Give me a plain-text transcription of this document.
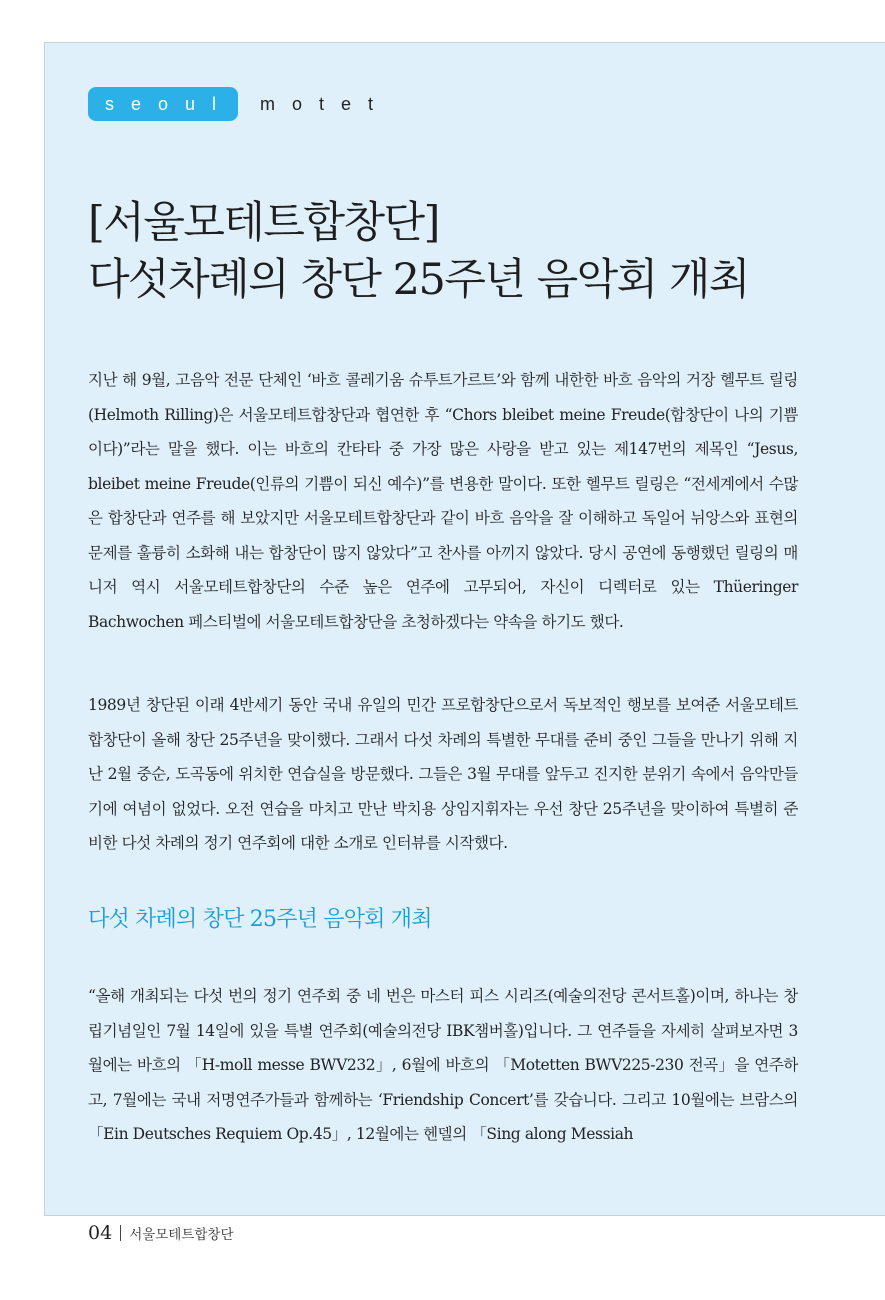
seoul motet
[서울모테트합창단]
다섯차례의 창단 25주년 음악회 개최

지난 해 9월, 고음악 전문 단체인 ‘바흐 콜레기움 슈투트가르트’와 함께 내한한 바흐 음악의 거장 헬무트 릴링(Helmoth Rilling)은 서울모테트합창단과 협연한 후 “Chors bleibet meine Freude(합창단이 나의 기쁨이다)”라는 말을 했다. 이는 바흐의 칸타타 중 가장 많은 사랑을 받고 있는 제147번의 제목인 “Jesus, bleibet meine Freude(인류의 기쁨이 되신 예수)”를 변용한 말이다. 또한 헬무트 릴링은 “전세계에서 수많은 합창단과 연주를 해 보았지만 서울모테트합창단과 같이 바흐 음악을 잘 이해하고 독일어 뉘앙스와 표현의 문제를 훌륭히 소화해 내는 합창단이 많지 않았다”고 찬사를 아끼지 않았다. 당시 공연에 동행했던 릴링의 매니저 역시 서울모테트합창단의 수준 높은 연주에 고무되어, 자신이 디렉터로 있는 Thüeringer Bachwochen 페스티벌에 서울모테트합창단을 초청하겠다는 약속을 하기도 했다.

1989년 창단된 이래 4반세기 동안 국내 유일의 민간 프로합창단으로서 독보적인 행보를 보여준 서울모테트합창단이 올해 창단 25주년을 맞이했다. 그래서 다섯 차례의 특별한 무대를 준비 중인 그들을 만나기 위해 지난 2월 중순, 도곡동에 위치한 연습실을 방문했다. 그들은 3월 무대를 앞두고 진지한 분위기 속에서 음악만들기에 여념이 없었다. 오전 연습을 마치고 만난 박치용 상임지휘자는 우선 창단 25주년을 맞이하여 특별히 준비한 다섯 차례의 정기 연주회에 대한 소개로 인터뷰를 시작했다.

다섯 차례의 창단 25주년 음악회 개최

“올해 개최되는 다섯 번의 정기 연주회 중 네 번은 마스터 피스 시리즈(예술의전당 콘서트홀)이며, 하나는 창립기념일인 7월 14일에 있을 특별 연주회(예술의전당 IBK챔버홀)입니다. 그 연주들을 자세히 살펴보자면 3월에는 바흐의 「H-moll messe BWV232」, 6월에 바흐의 「Motetten BWV225-230 전곡」을 연주하고, 7월에는 국내 저명연주가들과 함께하는 ‘Friendship Concert’를 갖습니다. 그리고 10월에는 브람스의 「Ein Deutsches Requiem Op.45」, 12월에는 헨델의 「Sing along Messiah

04 서울모테트합창단
